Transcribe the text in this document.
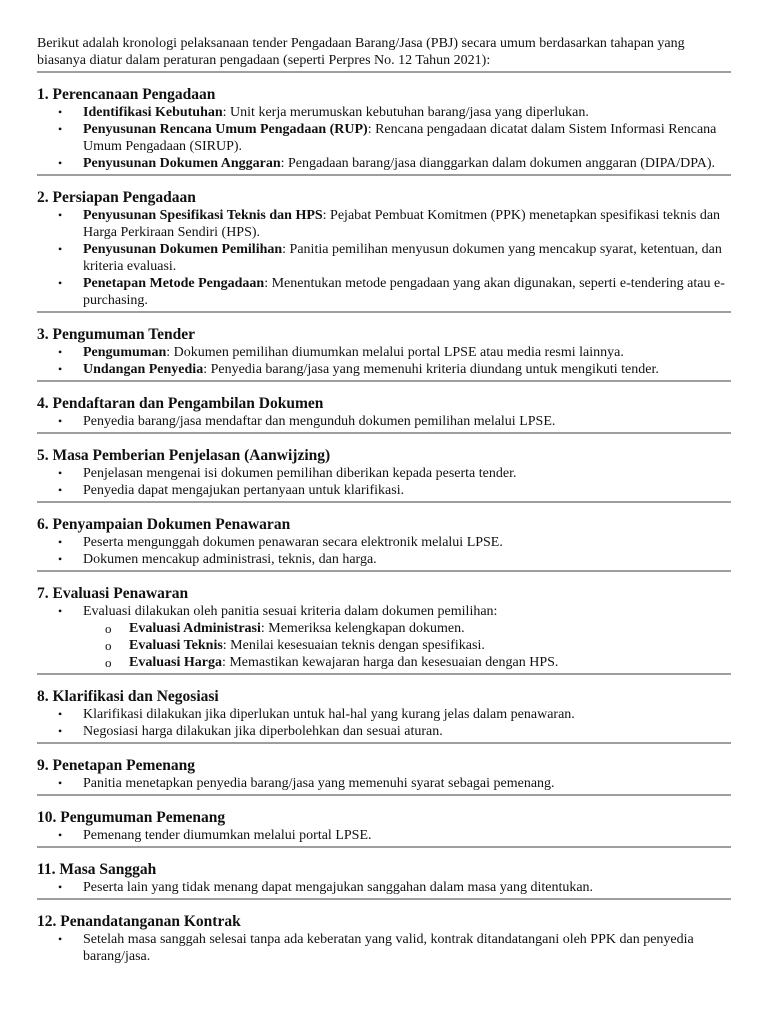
Berikut adalah kronologi pelaksanaan tender Pengadaan Barang/Jasa (PBJ) secara umum berdasarkan tahapan yang biasanya diatur dalam peraturan pengadaan (seperti Perpres No. 12 Tahun 2021):

1. Perencanaan Pengadaan
• Identifikasi Kebutuhan: Unit kerja merumuskan kebutuhan barang/jasa yang diperlukan.
• Penyusunan Rencana Umum Pengadaan (RUP): Rencana pengadaan dicatat dalam Sistem Informasi Rencana Umum Pengadaan (SIRUP).
• Penyusunan Dokumen Anggaran: Pengadaan barang/jasa dianggarkan dalam dokumen anggaran (DIPA/DPA).
2. Persiapan Pengadaan
• Penyusunan Spesifikasi Teknis dan HPS: Pejabat Pembuat Komitmen (PPK) menetapkan spesifikasi teknis dan Harga Perkiraan Sendiri (HPS).
• Penyusunan Dokumen Pemilihan: Panitia pemilihan menyusun dokumen yang mencakup syarat, ketentuan, dan kriteria evaluasi.
• Penetapan Metode Pengadaan: Menentukan metode pengadaan yang akan digunakan, seperti e-tendering atau e-purchasing.
3. Pengumuman Tender
• Pengumuman: Dokumen pemilihan diumumkan melalui portal LPSE atau media resmi lainnya.
• Undangan Penyedia: Penyedia barang/jasa yang memenuhi kriteria diundang untuk mengikuti tender.
4. Pendaftaran dan Pengambilan Dokumen
• Penyedia barang/jasa mendaftar dan mengunduh dokumen pemilihan melalui LPSE.
5. Masa Pemberian Penjelasan (Aanwijzing)
• Penjelasan mengenai isi dokumen pemilihan diberikan kepada peserta tender.
• Penyedia dapat mengajukan pertanyaan untuk klarifikasi.
6. Penyampaian Dokumen Penawaran
• Peserta mengunggah dokumen penawaran secara elektronik melalui LPSE.
• Dokumen mencakup administrasi, teknis, dan harga.
7. Evaluasi Penawaran
• Evaluasi dilakukan oleh panitia sesuai kriteria dalam dokumen pemilihan:
o Evaluasi Administrasi: Memeriksa kelengkapan dokumen.
o Evaluasi Teknis: Menilai kesesuaian teknis dengan spesifikasi.
o Evaluasi Harga: Memastikan kewajaran harga dan kesesuaian dengan HPS.
8. Klarifikasi dan Negosiasi
• Klarifikasi dilakukan jika diperlukan untuk hal-hal yang kurang jelas dalam penawaran.
• Negosiasi harga dilakukan jika diperbolehkan dan sesuai aturan.
9. Penetapan Pemenang
• Panitia menetapkan penyedia barang/jasa yang memenuhi syarat sebagai pemenang.
10. Pengumuman Pemenang
• Pemenang tender diumumkan melalui portal LPSE.
11. Masa Sanggah
• Peserta lain yang tidak menang dapat mengajukan sanggahan dalam masa yang ditentukan.
12. Penandatanganan Kontrak
• Setelah masa sanggah selesai tanpa ada keberatan yang valid, kontrak ditandatangani oleh PPK dan penyedia barang/jasa.
